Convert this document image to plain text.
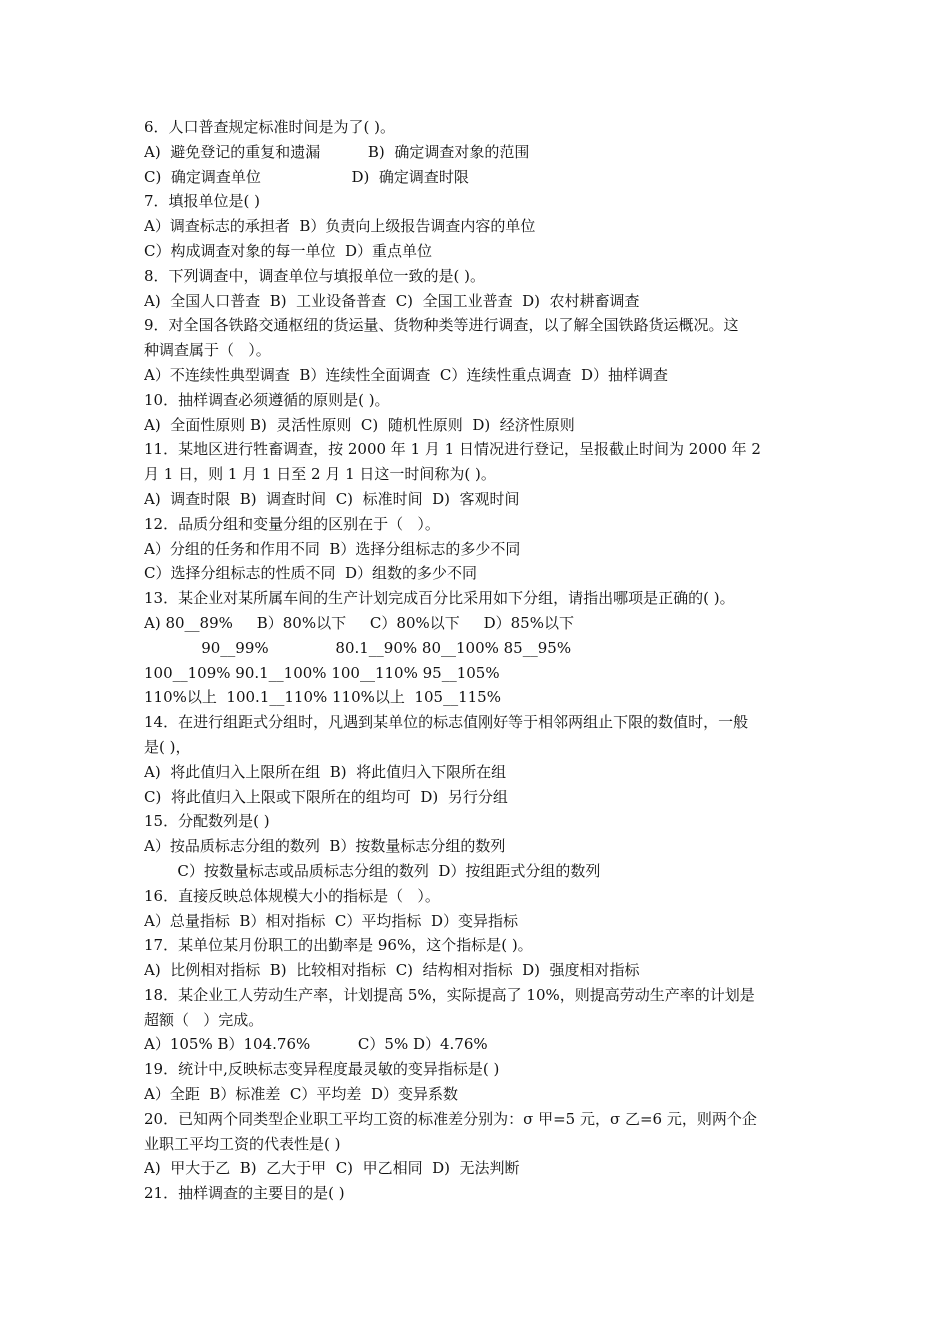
6．人口普查规定标准时间是为了( )。
A)  避免登记的重复和遗漏          B)  确定调查对象的范围
C)  确定调查单位                   D)  确定调查时限
7．填报单位是( )
A）调查标志的承担者  B）负责向上级报告调查内容的单位
C）构成调查对象的每一单位  D）重点单位
8．下列调查中，调查单位与填报单位一致的是( )。
A)  全国人口普查  B)  工业设备普查  C)  全国工业普查  D)  农村耕畜调查
9．对全国各铁路交通枢纽的货运量、货物种类等进行调查，以了解全国铁路货运概况。这
种调查属于（   ）。
A）不连续性典型调查  B）连续性全面调查  C）连续性重点调查  D）抽样调查
10．抽样调查必须遵循的原则是( )。
A)  全面性原则 B)  灵活性原则  C)  随机性原则  D)  经济性原则
11．某地区进行牲畜调查，按 2000 年 1 月 1 日情况进行登记，呈报截止时间为 2000 年 2
月 1 日，则 1 月 1 日至 2 月 1 日这一时间称为( )。
A)  调查时限  B)  调查时间  C)  标准时间  D)  客观时间
12．品质分组和变量分组的区别在于（   ）。
A）分组的任务和作用不同  B）选择分组标志的多少不同
C）选择分组标志的性质不同  D）组数的多少不同
13．某企业对某所属车间的生产计划完成百分比采用如下分组，请指出哪项是正确的( )。
A) 80__89%     B）80%以下     C）80%以下     D）85%以下
90__99%              80.1__90% 80__100% 85__95%
100__109% 90.1__100% 100__110% 95__105%
110%以上  100.1__110% 110%以上  105__115%
14．在进行组距式分组时，凡遇到某单位的标志值刚好等于相邻两组止下限的数值时，一般
是( )，
A)  将此值归入上限所在组  B)  将此值归入下限所在组
C)  将此值归入上限或下限所在的组均可  D)  另行分组
15．分配数列是( )
A）按品质标志分组的数列  B）按数量标志分组的数列
C）按数量标志或品质标志分组的数列  D）按组距式分组的数列
16．直接反映总体规模大小的指标是（   ）。
A）总量指标  B）相对指标  C）平均指标  D）变异指标
17．某单位某月份职工的出勤率是 96%，这个指标是( )。
A)  比例相对指标  B)  比较相对指标  C)  结构相对指标  D)  强度相对指标
18．某企业工人劳动生产率，计划提高 5%，实际提高了 10%，则提高劳动生产率的计划是
超额（   ）完成。
A）105% B）104.76%          C）5% D）4.76%
19．统计中,反映标志变异程度最灵敏的变异指标是( )
A）全距  B）标准差  C）平均差  D）变异系数
20．已知两个同类型企业职工平均工资的标准差分别为：σ 甲=5 元，σ 乙=6 元，则两个企
业职工平均工资的代表性是( )
A)  甲大于乙  B)  乙大于甲  C)  甲乙相同  D)  无法判断
21．抽样调查的主要目的是( )
